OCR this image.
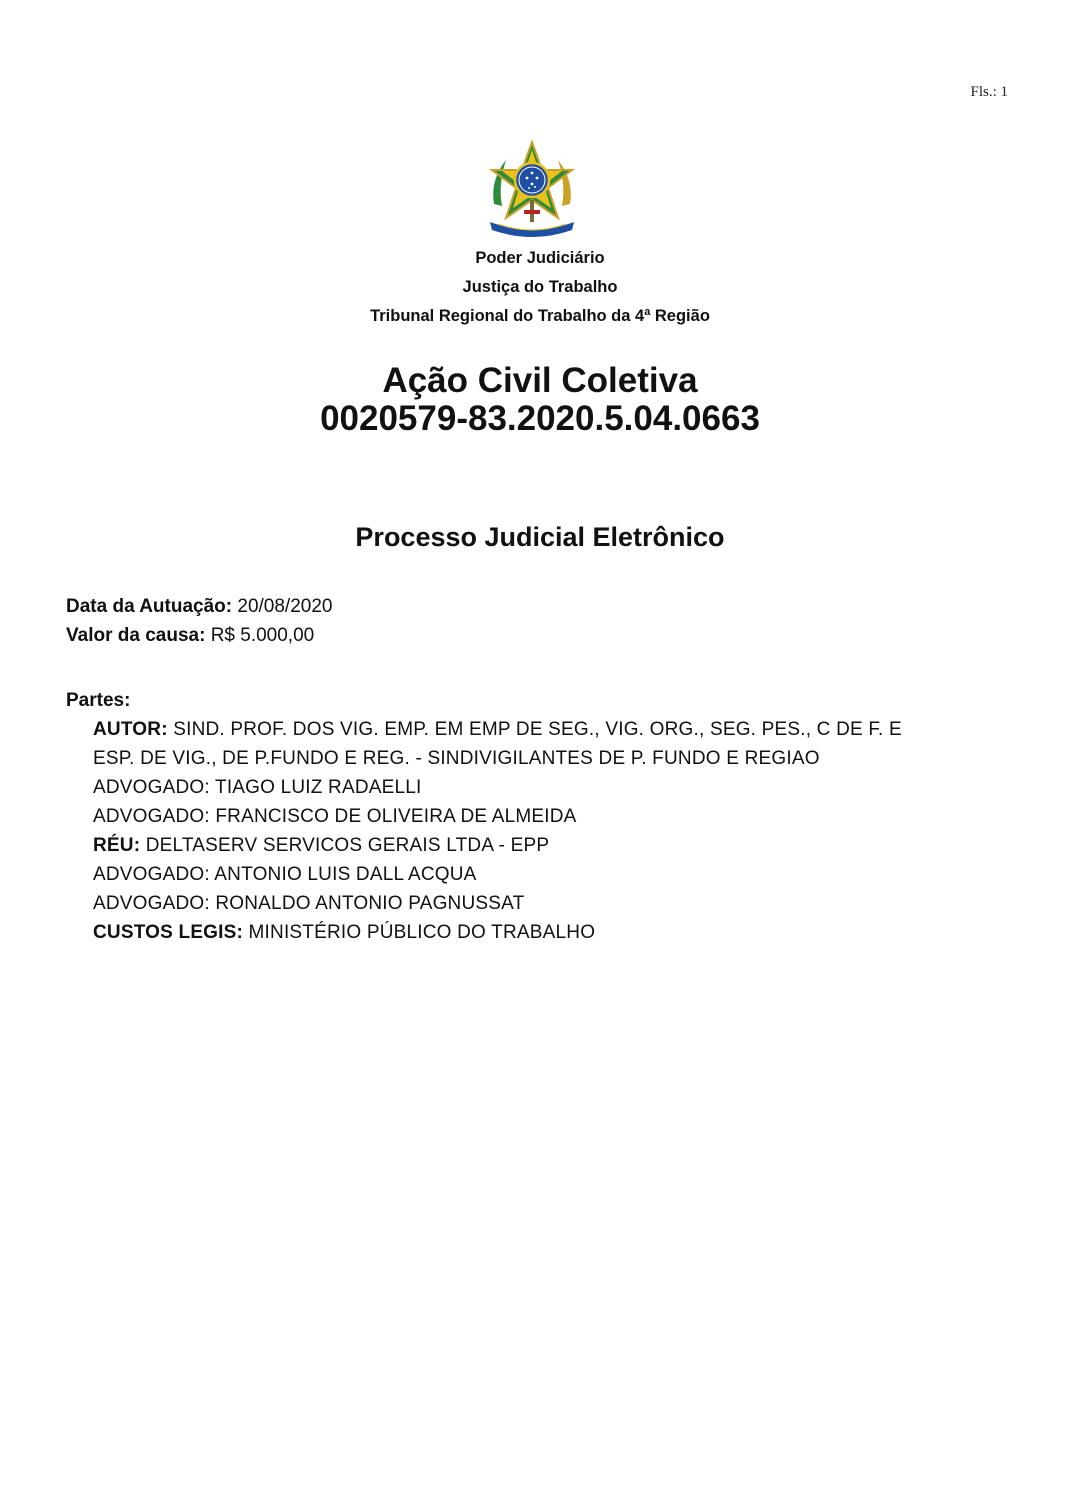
Fls.: 1
Poder Judiciário
Justiça do Trabalho
Tribunal Regional do Trabalho da 4ª Região
Ação Civil Coletiva
0020579-83.2020.5.04.0663
Processo Judicial Eletrônico
Data da Autuação: 20/08/2020
Valor da causa: R$ 5.000,00
Partes:
AUTOR: SIND. PROF. DOS VIG. EMP. EM EMP DE SEG., VIG. ORG., SEG. PES., C DE F. E
ESP. DE VIG., DE P.FUNDO E REG. - SINDIVIGILANTES DE P. FUNDO E REGIAO
ADVOGADO: TIAGO LUIZ RADAELLI
ADVOGADO: FRANCISCO DE OLIVEIRA DE ALMEIDA
RÉU: DELTASERV SERVICOS GERAIS LTDA - EPP
ADVOGADO: ANTONIO LUIS DALL ACQUA
ADVOGADO: RONALDO ANTONIO PAGNUSSAT
CUSTOS LEGIS: MINISTÉRIO PÚBLICO DO TRABALHO
